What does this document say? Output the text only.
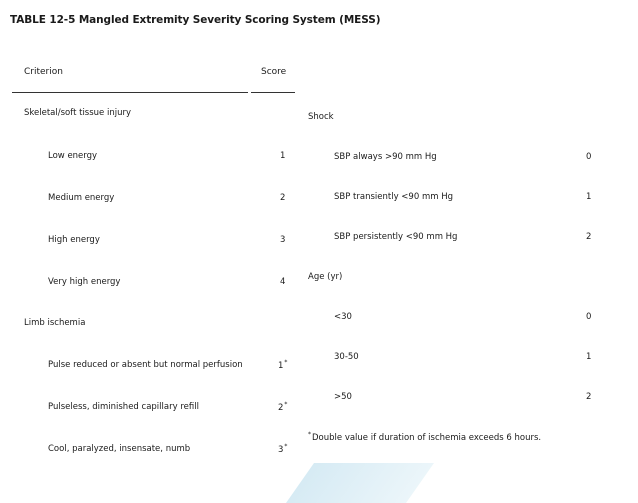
TABLE 12-5 Mangled Extremity Severity Scoring System (MESS)
Criterion	Score
Skeletal/soft tissue injury
Low energy	1
Medium energy	2
High energy	3
Very high energy	4
Limb ischemia
Pulse reduced or absent but normal perfusion	1*
Pulseless, diminished capillary refill	2*
Cool, paralyzed, insensate, numb	3*
Shock
SBP always >90 mm Hg	0
SBP transiently <90 mm Hg	1
SBP persistently <90 mm Hg	2
Age (yr)
<30	0
30-50	1
>50	2
*Double value if duration of ischemia exceeds 6 hours.
